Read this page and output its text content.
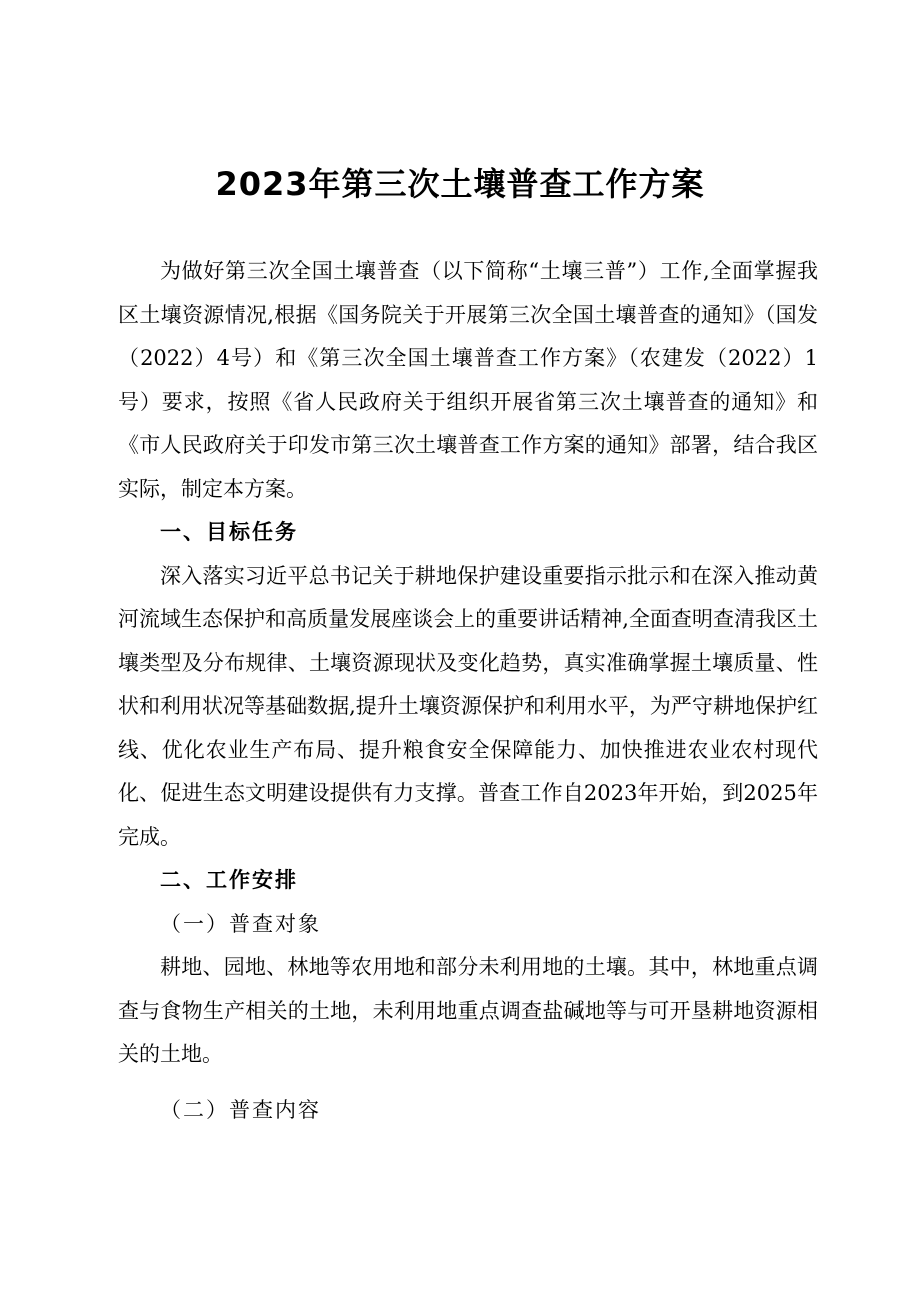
2023年第三次土壤普查工作方案

为做好第三次全国土壤普查（以下简称“土壤三普”）工作,全面掌握我区土壤资源情况,根据《国务院关于开展第三次全国土壤普查的通知》（国发（2022）4号）和《第三次全国土壤普查工作方案》（农建发（2022）1号）要求，按照《省人民政府关于组织开展省第三次土壤普查的通知》和《市人民政府关于印发市第三次土壤普查工作方案的通知》部署，结合我区实际，制定本方案。

一、目标任务

深入落实习近平总书记关于耕地保护建设重要指示批示和在深入推动黄河流域生态保护和高质量发展座谈会上的重要讲话精神,全面查明查清我区土壤类型及分布规律、土壤资源现状及变化趋势，真实准确掌握土壤质量、性状和利用状况等基础数据,提升土壤资源保护和利用水平，为严守耕地保护红线、优化农业生产布局、提升粮食安全保障能力、加快推进农业农村现代化、促进生态文明建设提供有力支撑。普查工作自2023年开始，到2025年完成。

二、工作安排

（一）普查对象

耕地、园地、林地等农用地和部分未利用地的土壤。其中，林地重点调查与食物生产相关的土地，未利用地重点调查盐碱地等与可开垦耕地资源相关的土地。

（二）普查内容
